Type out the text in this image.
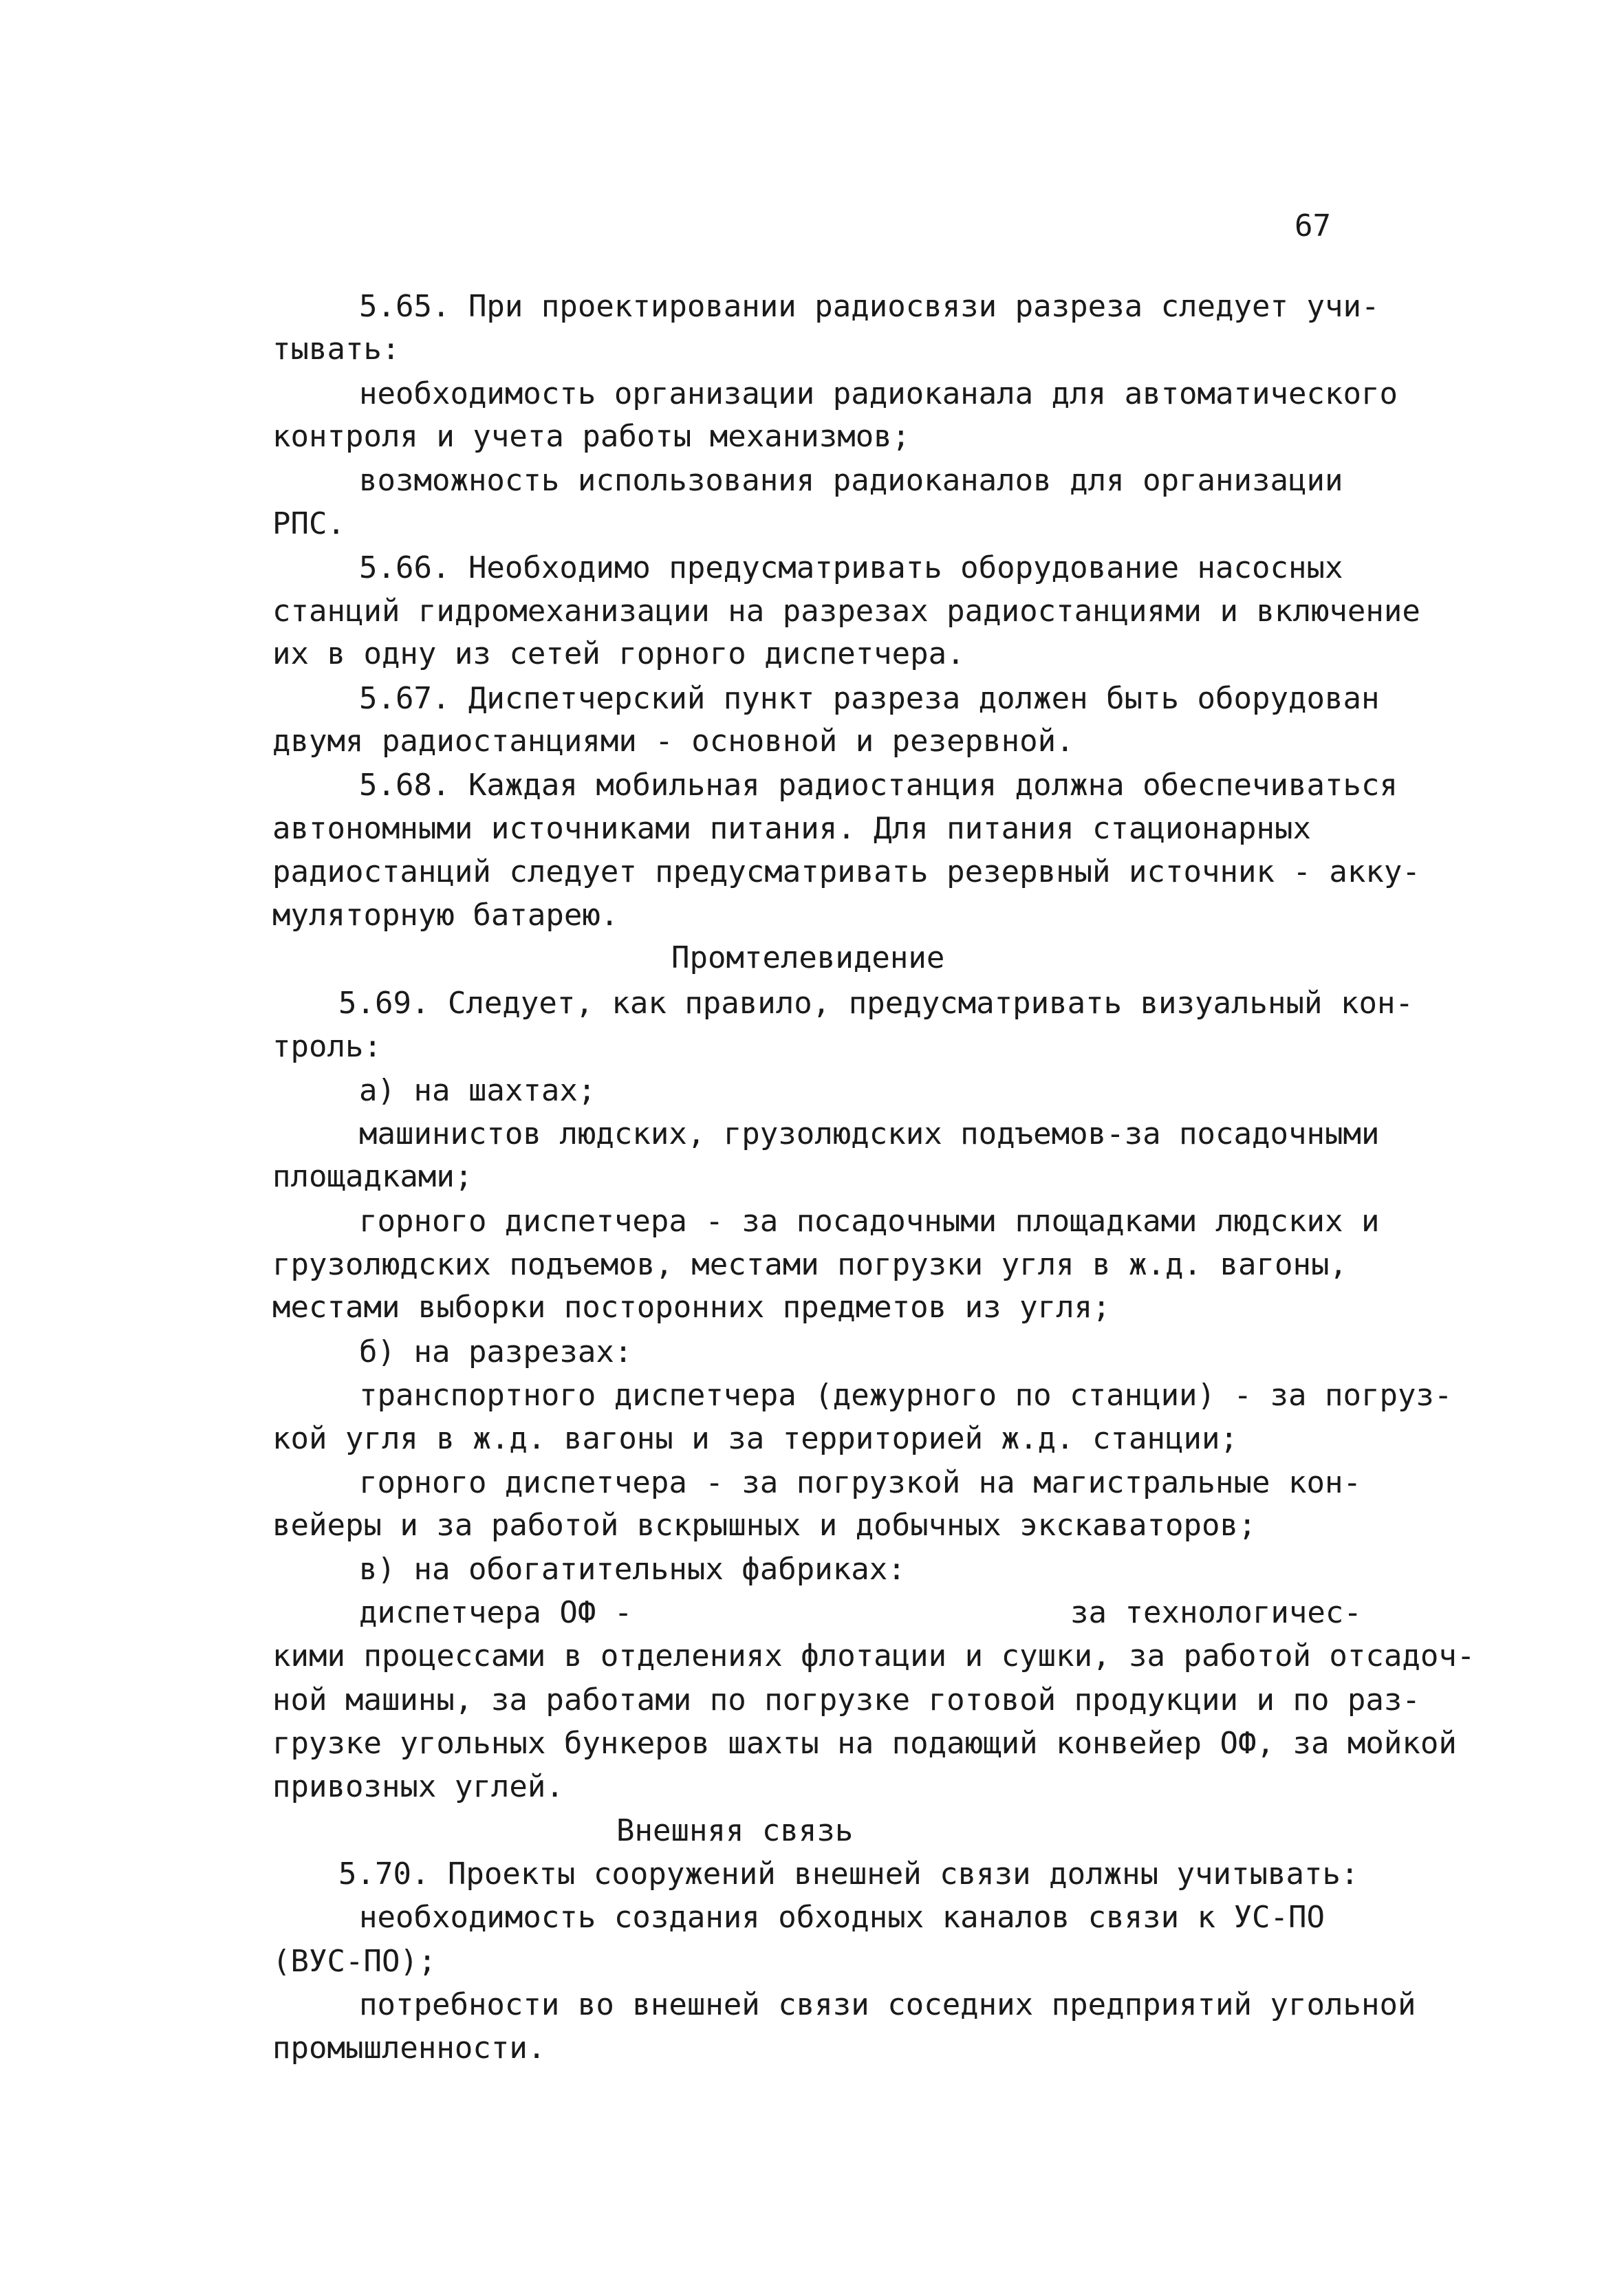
67
5.65. При проектировании радиосвязи разреза следует учи-
тывать:
необходимость организации радиоканала для автоматического
контроля и учета работы механизмов;
возможность использования радиоканалов для организации
РПС.
5.66. Необходимо предусматривать оборудование насосных
станций гидромеханизации на разрезах радиостанциями и включение
их в одну из сетей горного диспетчера.
5.67. Диспетчерский пункт разреза должен быть оборудован
двумя радиостанциями - основной и резервной.
5.68. Каждая мобильная радиостанция должна обеспечиваться
автономными источниками питания. Для питания стационарных
радиостанций следует предусматривать резервный источник - акку-
муляторную батарею.
Промтелевидение
5.69. Следует, как правило, предусматривать визуальный кон-
троль:
а) на шахтах;
машинистов людских, грузолюдских подъемов-за посадочными
площадками;
горного диспетчера - за посадочными площадками людских и
грузолюдских подъемов, местами погрузки угля в ж.д. вагоны,
местами выборки посторонних предметов из угля;
б) на разрезах:
транспортного диспетчера (дежурного по станции) - за погруз-
кой угля в ж.д. вагоны и за территорией ж.д. станции;
горного диспетчера - за погрузкой на магистральные кон-
вейеры и за работой вскрышных и добычных экскаваторов;
в) на обогатительных фабриках:
диспетчера ОФ -	за технологичес-
кими процессами в отделениях флотации и сушки, за работой отсадоч-
ной машины, за работами по погрузке готовой продукции и по раз-
грузке угольных бункеров шахты на подающий конвейер ОФ, за мойкой
привозных углей.
Внешняя связь
5.70. Проекты сооружений внешней связи должны учитывать:
необходимость создания обходных каналов связи к УС-ПО
(ВУС-ПО);
потребности во внешней связи соседних предприятий угольной
промышленности.
